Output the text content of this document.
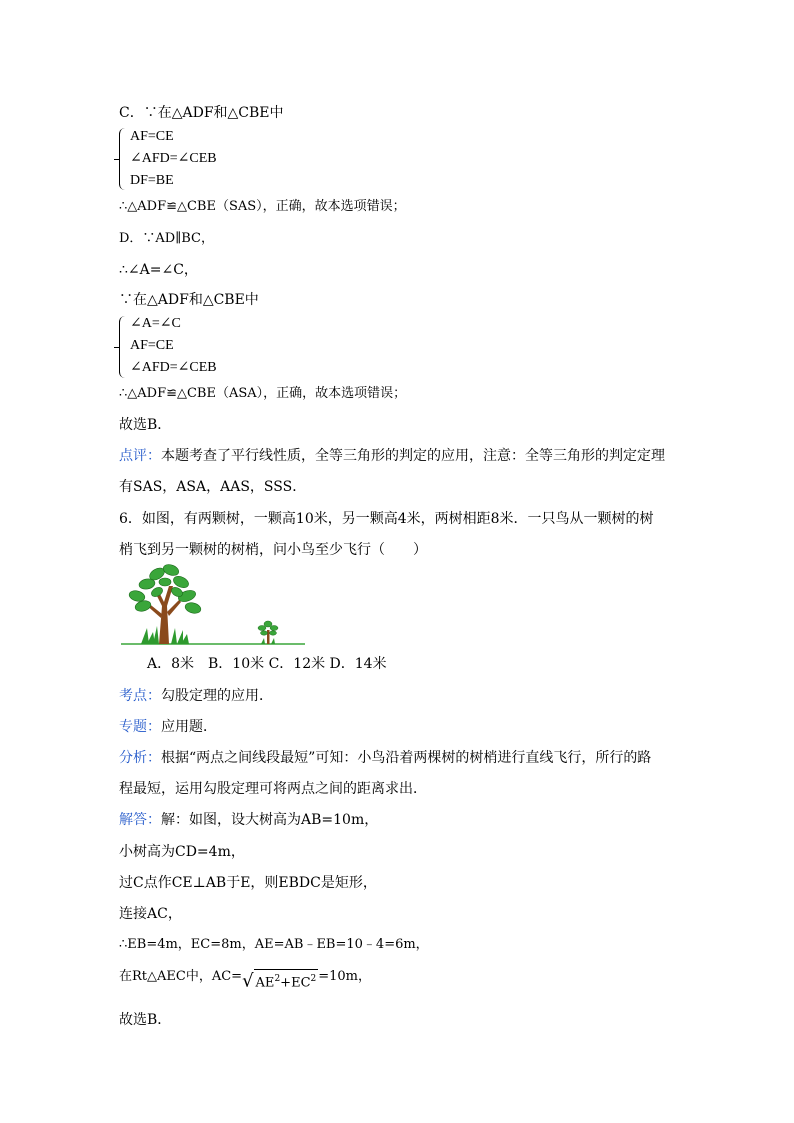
C．∵在△ADF和△CBE中
AF=CE
∠AFD=∠CEB
DF=BE
∴△ADF≌△CBE（SAS），正确，故本选项错误；
D．∵AD∥BC，
∴∠A=∠C，
∵在△ADF和△CBE中
∠A=∠C
AF=CE
∠AFD=∠CEB
∴△ADF≌△CBE（ASA），正确，故本选项错误；
故选B．
点评：本题考查了平行线性质，全等三角形的判定的应用，注意：全等三角形的判定定理
有SAS，ASA，AAS，SSS．
6．如图，有两颗树，一颗高10米，另一颗高4米，两树相距8米．一只鸟从一颗树的树
梢飞到另一颗树的树梢，问小鸟至少飞行（　　）
A．8米　B．10米 C．12米 D．14米
考点：勾股定理的应用．
专题：应用题．
分析：根据“两点之间线段最短”可知：小鸟沿着两棵树的树梢进行直线飞行，所行的路
程最短，运用勾股定理可将两点之间的距离求出．
解答：解：如图，设大树高为AB=10m，
小树高为CD=4m，
过C点作CE⊥AB于E，则EBDC是矩形，
连接AC，
∴EB=4m，EC=8m，AE=AB﹣EB=10﹣4=6m，
在Rt△AEC中，AC=√ $AE^2+EC^2 =10m$，
故选B．
